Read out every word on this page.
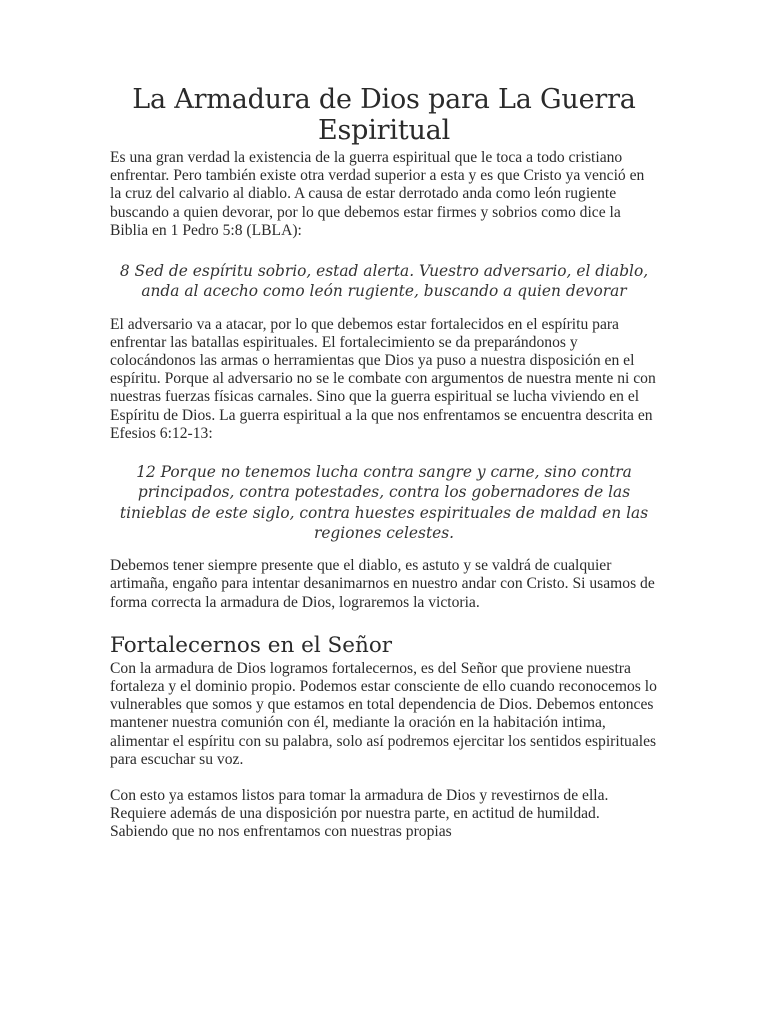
La Armadura de Dios para La Guerra Espiritual

Es una gran verdad la existencia de la guerra espiritual que le toca a todo cristiano enfrentar. Pero también existe otra verdad superior a esta y es que Cristo ya venció en la cruz del calvario al diablo. A causa de estar derrotado anda como león rugiente buscando a quien devorar, por lo que debemos estar firmes y sobrios como dice la Biblia en 1 Pedro 5:8 (LBLA):

8 Sed de espíritu sobrio, estad alerta. Vuestro adversario, el diablo, anda al acecho como león rugiente, buscando a quien devorar

El adversario va a atacar, por lo que debemos estar fortalecidos en el espíritu para enfrentar las batallas espirituales. El fortalecimiento se da preparándonos y colocándonos las armas o herramientas que Dios ya puso a nuestra disposición en el espíritu. Porque al adversario no se le combate con argumentos de nuestra mente ni con nuestras fuerzas físicas carnales. Sino que la guerra espiritual se lucha viviendo en el Espíritu de Dios. La guerra espiritual a la que nos enfrentamos se encuentra descrita en Efesios 6:12-13:

12 Porque no tenemos lucha contra sangre y carne, sino contra principados, contra potestades, contra los gobernadores de las tinieblas de este siglo, contra huestes espirituales de maldad en las regiones celestes.

Debemos tener siempre presente que el diablo, es astuto y se valdrá de cualquier artimaña, engaño para intentar desanimarnos en nuestro andar con Cristo. Si usamos de forma correcta la armadura de Dios, lograremos la victoria.

Fortalecernos en el Señor

Con la armadura de Dios logramos fortalecernos, es del Señor que proviene nuestra fortaleza y el dominio propio. Podemos estar consciente de ello cuando reconocemos lo vulnerables que somos y que estamos en total dependencia de Dios. Debemos entonces mantener nuestra comunión con él, mediante la oración en la habitación intima, alimentar el espíritu con su palabra, solo así podremos ejercitar los sentidos espirituales para escuchar su voz.

Con esto ya estamos listos para tomar la armadura de Dios y revestirnos de ella. Requiere además de una disposición por nuestra parte, en actitud de humildad. Sabiendo que no nos enfrentamos con nuestras propias
